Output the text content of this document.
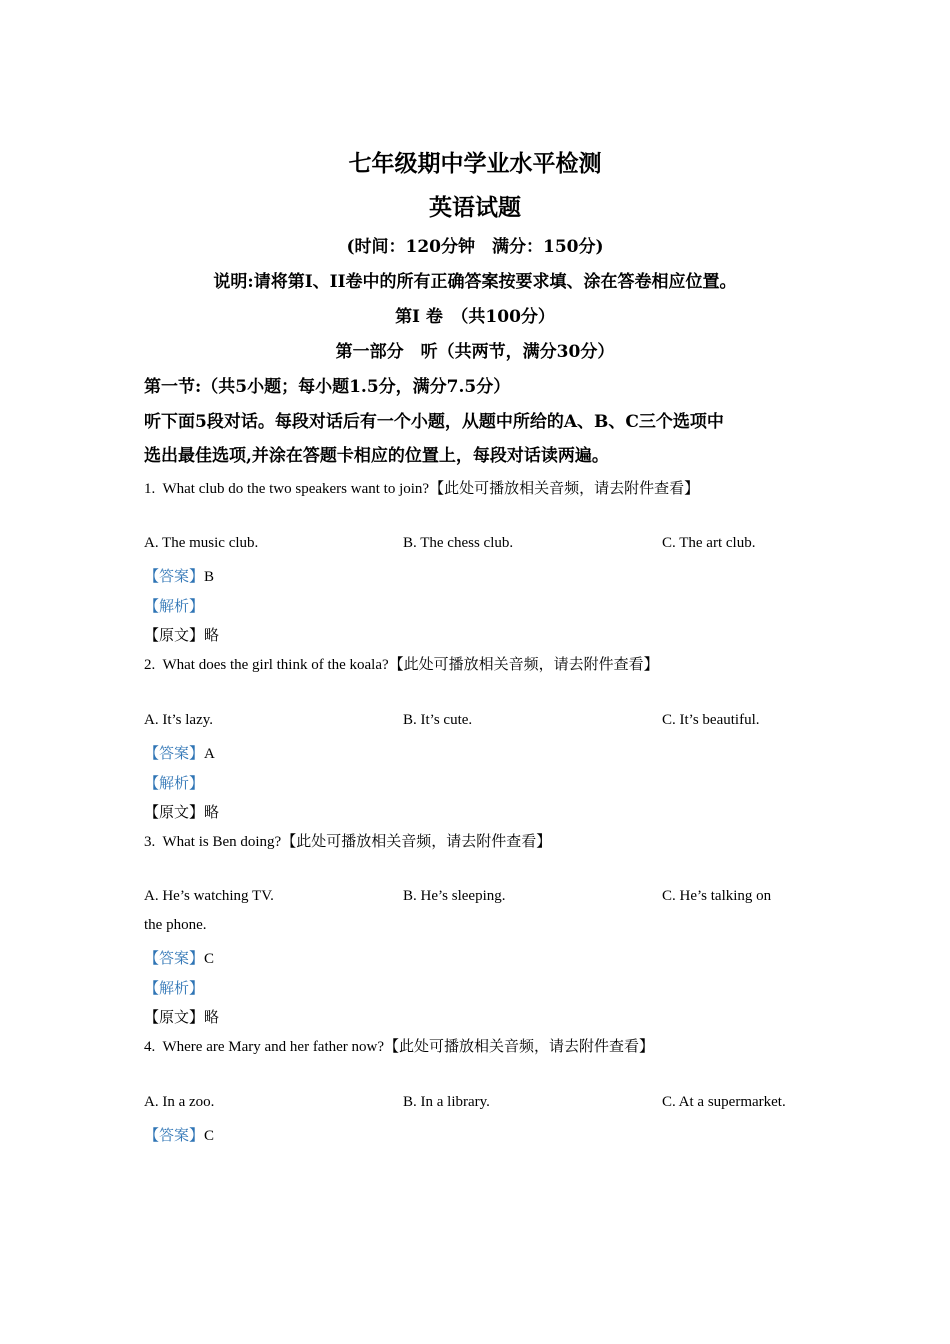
七年级期中学业水平检测
英语试题
(时间：120分钟　满分：150分)
说明:请将第I、II卷中的所有正确答案按要求填、涂在答卷相应位置。
第I 卷　（共100分）
第一部分　听（共两节，满分30分）
第一节:（共5小题；每小题1.5分，满分7.5分）
听下面5段对话。每段对话后有一个小题，从题中所给的A、B、C三个选项中
选出最佳选项,并涂在答题卡相应的位置上，每段对话读两遍。
1. What club do the two speakers want to join?【此处可播放相关音频，请去附件查看】
A. The music club.	B. The chess club.	C. The art club.
【答案】B
【解析】
【原文】略
2. What does the girl think of the koala?【此处可播放相关音频，请去附件查看】
A. It’s lazy.	B. It’s cute.	C. It’s beautiful.
【答案】A
【解析】
【原文】略
3. What is Ben doing?【此处可播放相关音频，请去附件查看】
A. He’s watching TV.	B. He’s sleeping.	C. He’s talking on
the phone.
【答案】C
【解析】
【原文】略
4. Where are Mary and her father now?【此处可播放相关音频，请去附件查看】
A. In a zoo.	B. In a library.	C. At a supermarket.
【答案】C
